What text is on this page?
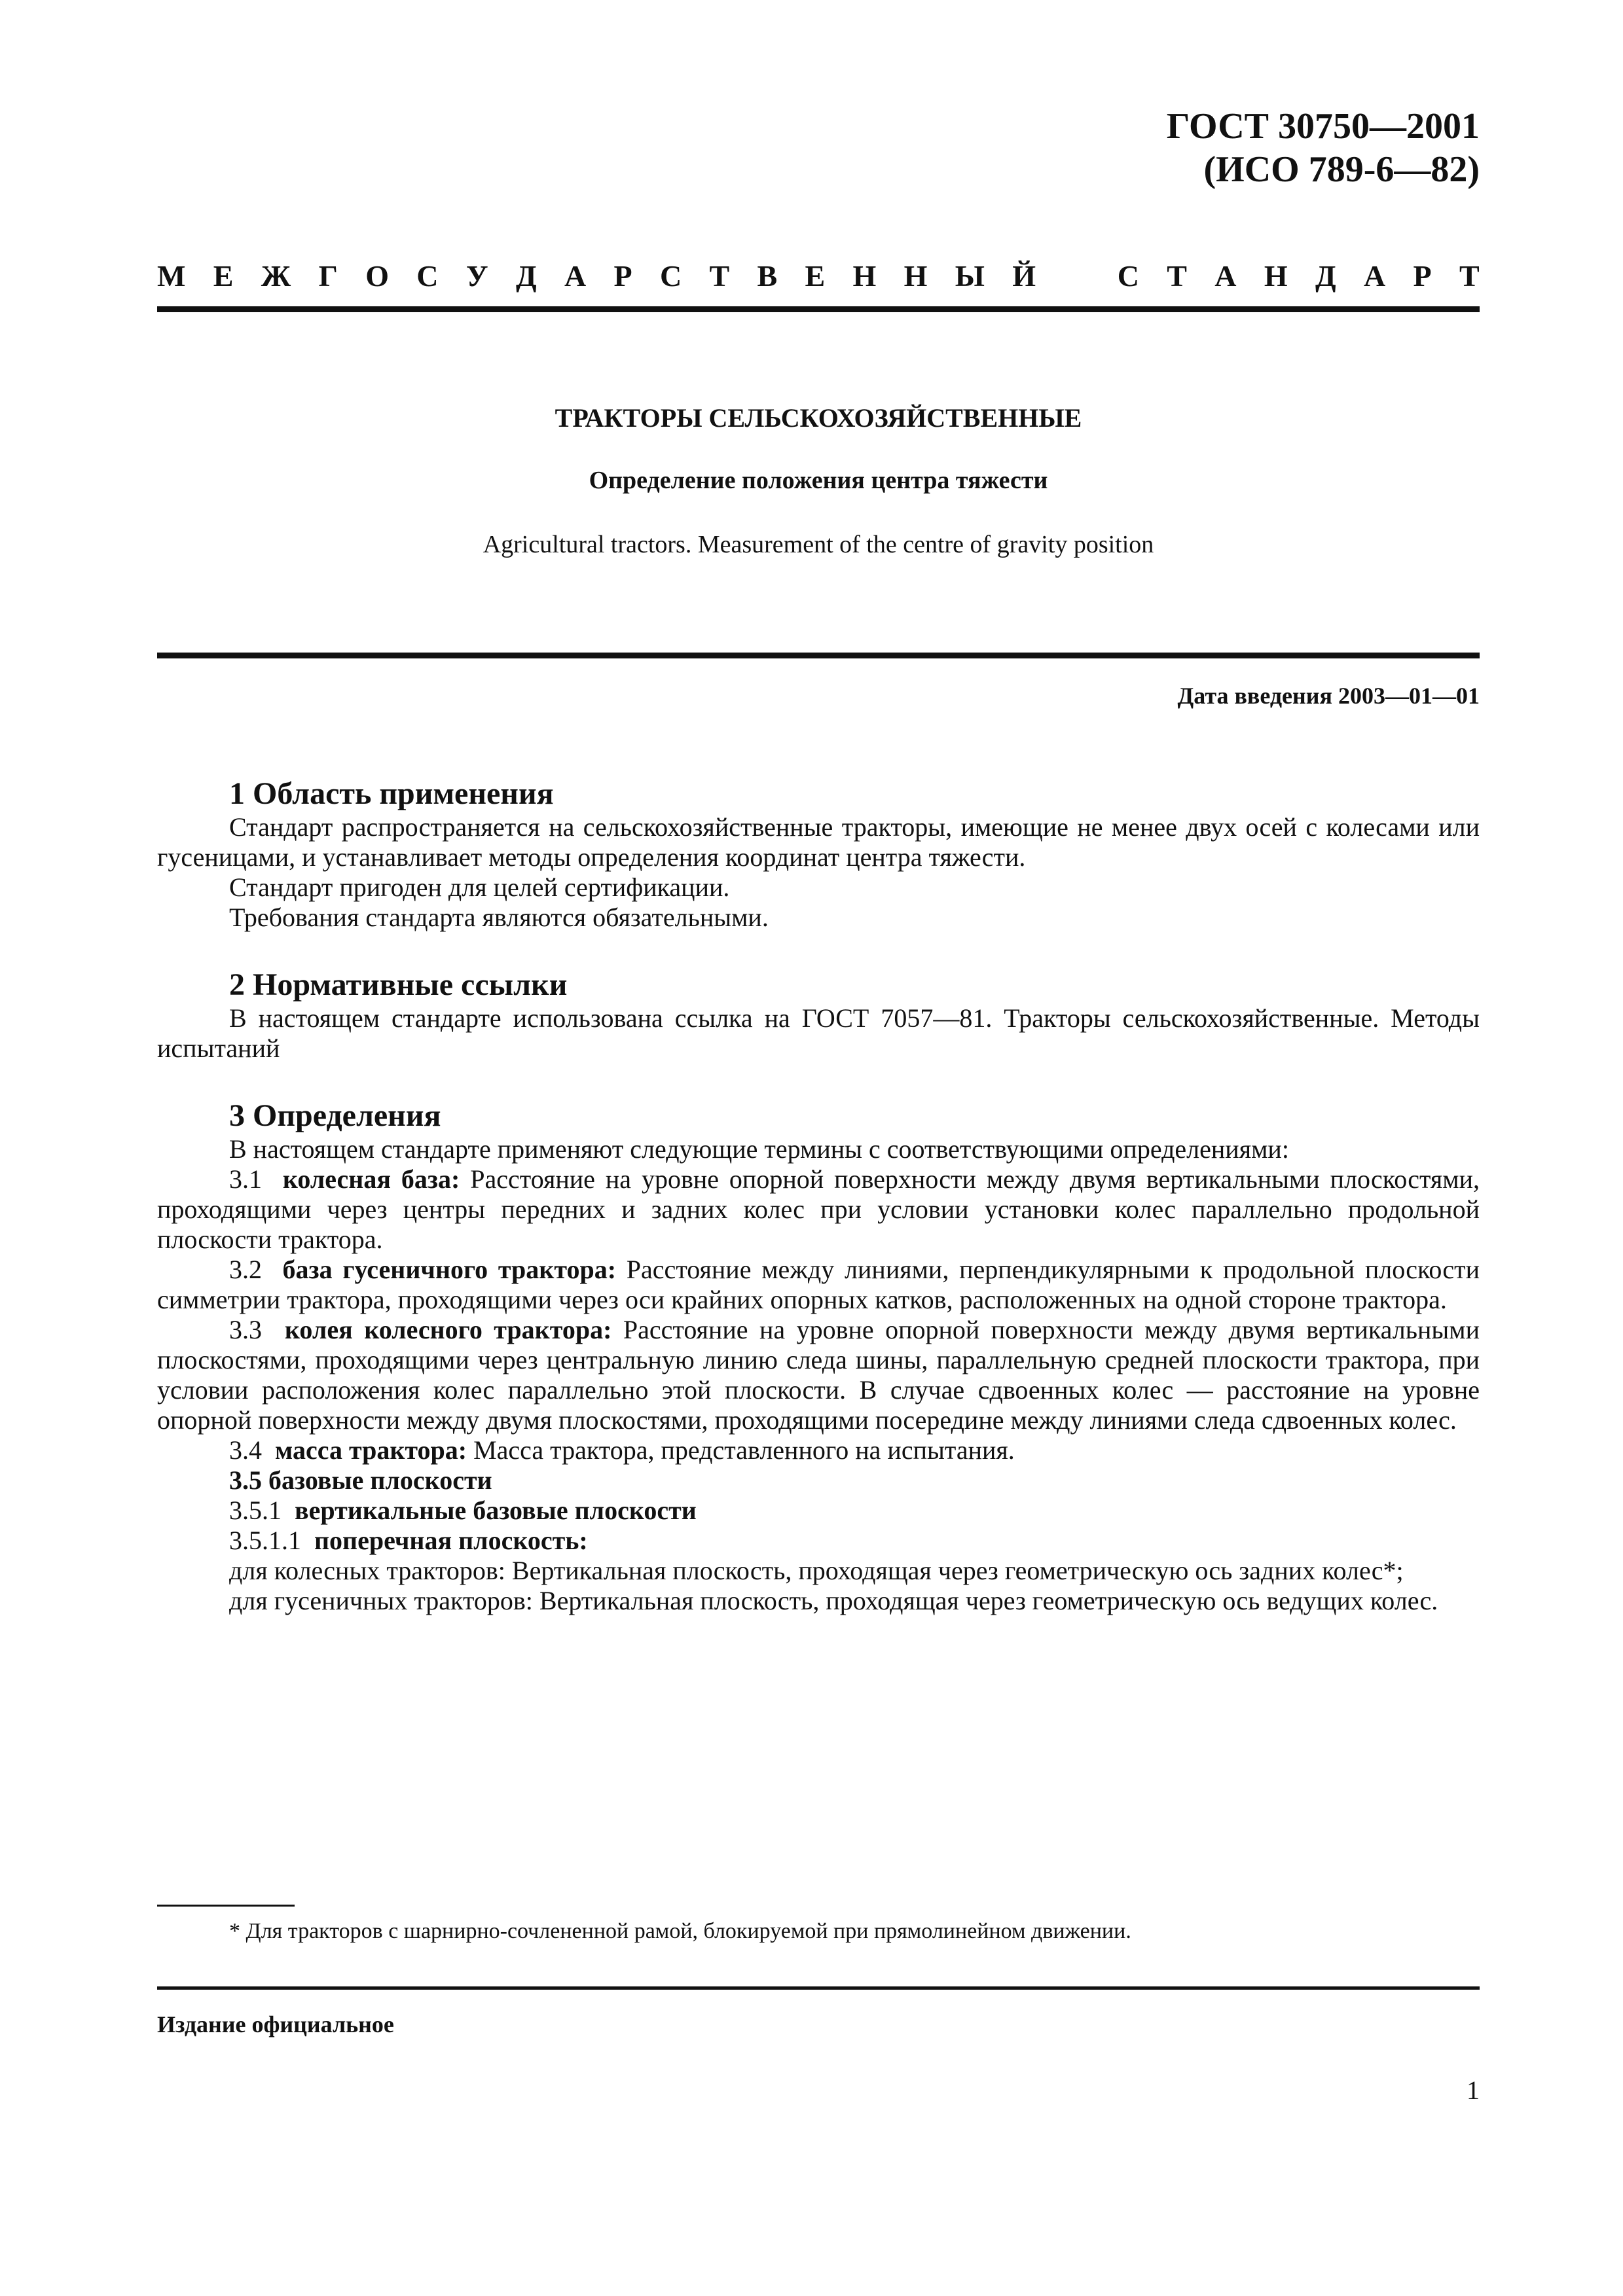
ГОСТ 30750—2001
(ИСО 789-6—82)
М Е Ж Г О С У Д А Р С Т В Е Н Н Ы Й	С Т А Н Д А Р Т
ТРАКТОРЫ СЕЛЬСКОХОЗЯЙСТВЕННЫЕ
Определение положения центра тяжести
Agricultural tractors. Measurement of the centre of gravity position
Дата введения 2003—01—01
1 Область применения

Стандарт распространяется на сельскохозяйственные тракторы, имеющие не менее двух осей с колесами или гусеницами, и устанавливает методы определения координат центра тяжести.

Стандарт пригоден для целей сертификации.

Требования стандарта являются обязательными.

2 Нормативные ссылки

В настоящем стандарте использована ссылка на ГОСТ 7057—81. Тракторы сельскохозяйственные. Методы испытаний

3 Определения

В настоящем стандарте применяют следующие термины с соответствующими определениями:

3.1 колесная база: Расстояние на уровне опорной поверхности между двумя вертикальными плоскостями, проходящими через центры передних и задних колес при условии установки колес параллельно продольной плоскости трактора.

3.2 база гусеничного трактора: Расстояние между линиями, перпендикулярными к продольной плоскости симметрии трактора, проходящими через оси крайних опорных катков, расположенных на одной стороне трактора.

3.3 колея колесного трактора: Расстояние на уровне опорной поверхности между двумя вертикальными плоскостями, проходящими через центральную линию следа шины, параллельную средней плоскости трактора, при условии расположения колес параллельно этой плоскости. В случае сдвоенных колес — расстояние на уровне опорной поверхности между двумя плоскостями, проходящими посередине между линиями следа сдвоенных колес.

3.4 масса трактора: Масса трактора, представленного на испытания.

3.5 базовые плоскости

3.5.1 вертикальные базовые плоскости

3.5.1.1 поперечная плоскость:

для колесных тракторов: Вертикальная плоскость, проходящая через геометрическую ось задних колес*;

для гусеничных тракторов: Вертикальная плоскость, проходящая через геометрическую ось ведущих колес.

* Для тракторов с шарнирно-сочлененной рамой, блокируемой при прямолинейном движении.
Издание официальное
1
